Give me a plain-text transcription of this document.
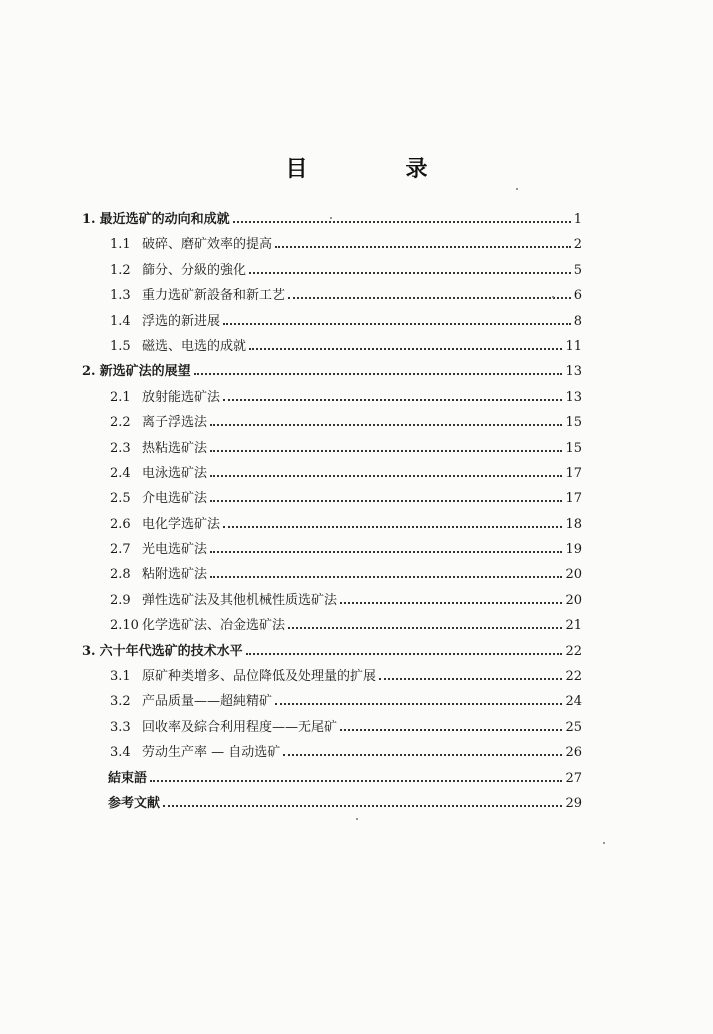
目　录
1. 最近选矿的动向和成就	1
1.1 破碎、磨矿效率的提高	2
1.2 篩分、分級的強化	5
1.3 重力选矿新設备和新工艺	6
1.4 浮选的新进展	8
1.5 磁选、电选的成就	11
2. 新选矿法的展望	13
2.1 放射能选矿法	13
2.2 离子浮选法	15
2.3 热粘选矿法	15
2.4 电泳选矿法	17
2.5 介电选矿法	17
2.6 电化学选矿法	18
2.7 光电选矿法	19
2.8 粘附选矿法	20
2.9 弹性选矿法及其他机械性质选矿法	20
2.10 化学选矿法、冶金选矿法	21
3. 六十年代选矿的技术水平	22
3.1 原矿种类增多、品位降低及处理量的扩展	22
3.2 产品质量——超純精矿	24
3.3 回收率及綜合利用程度——无尾矿	25
3.4 劳动生产率 — 自动选矿	26
結束語	27
参考文献	29
